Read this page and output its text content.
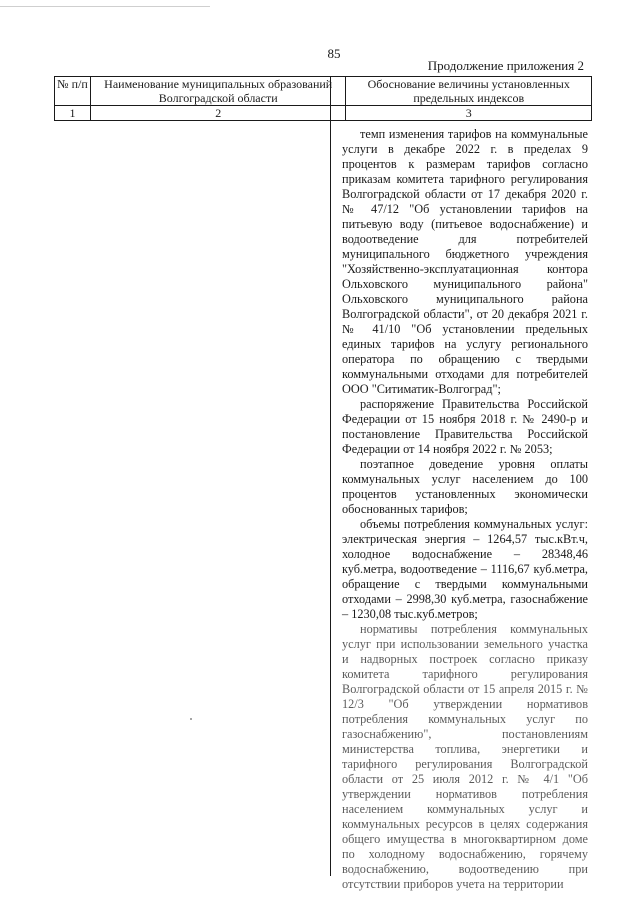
85
Продолжение приложения 2
№ п/п	Наименование муниципальных образований Волгоградской области	Обоснование величины установленных предельных индексов
1	2	3

темп изменения тарифов на коммунальные услуги в декабре 2022 г. в пределах 9 процентов к размерам тарифов согласно приказам комитета тарифного регулирования Волгоградской области от 17 декабря 2020 г. № 47/12 "Об установлении тарифов на питьевую воду (питьевое водоснабжение) и водоотведение для потребителей муниципального бюджетного учреждения "Хозяйственно-эксплуатационная контора Ольховского муниципального района" Ольховского муниципального района Волгоградской области", от 20 декабря 2021 г. № 41/10 "Об установлении предельных единых тарифов на услугу регионального оператора по обращению с твердыми коммунальными отходами для потребителей ООО "Ситиматик-Волгоград";

распоряжение Правительства Российской Федерации от 15 ноября 2018 г. № 2490-р и постановление Правительства Российской Федерации от 14 ноября 2022 г. № 2053;

поэтапное доведение уровня оплаты коммунальных услуг населением до 100 процентов установленных экономически обоснованных тарифов;

объемы потребления коммунальных услуг: электрическая энергия – 1264,57 тыс.кВт.ч, холодное водоснабжение – 28348,46 куб.метра, водоотведение – 1116,67 куб.метра, обращение с твердыми коммунальными отходами – 2998,30 куб.метра, газоснабжение – 1230,08 тыс.куб.метров;

нормативы потребления коммунальных услуг при использовании земельного участка и надворных построек согласно приказу комитета тарифного регулирования Волгоградской области от 15 апреля 2015 г. № 12/3 "Об утверждении нормативов потребления коммунальных услуг по газоснабжению", постановлениям министерства топлива, энергетики и тарифного регулирования Волгоградской области от 25 июля 2012 г. № 4/1 "Об утверждении нормативов потребления населением коммунальных услуг и коммунальных ресурсов в целях содержания общего имущества в многоквартирном доме по холодному водоснабжению, горячему водоснабжению, водоотведению при отсутствии приборов учета на территории
